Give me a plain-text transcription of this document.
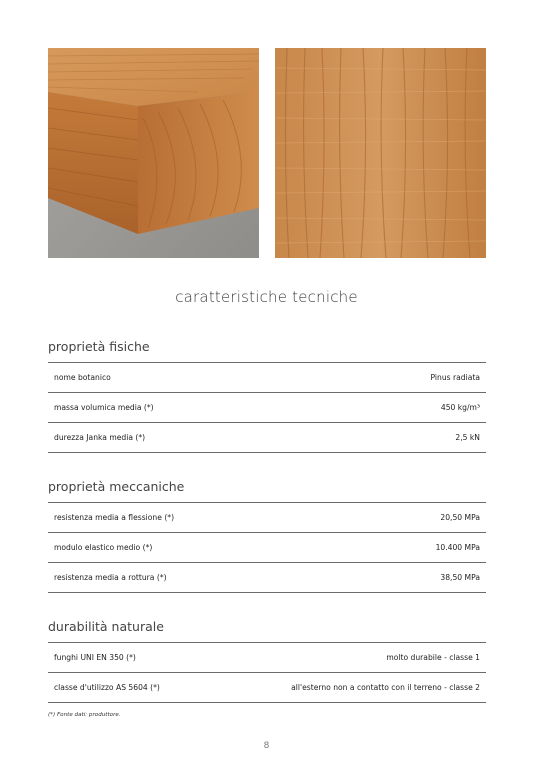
caratteristiche tecniche
proprietà fisiche
nome botanico	Pinus radiata
massa volumica media (*)	450 kg/m³
durezza Janka media (*)	2,5 kN
proprietà meccaniche
resistenza media a flessione (*)	20,50 MPa
modulo elastico medio (*)	10.400 MPa
resistenza media a rottura (*)	38,50 MPa
durabilità naturale
funghi UNI EN 350 (*)	molto durabile - classe 1
classe d'utilizzo AS 5604 (*)	all'esterno non a contatto con il terreno - classe 2
(*) Fonte dati: produttore.
8
